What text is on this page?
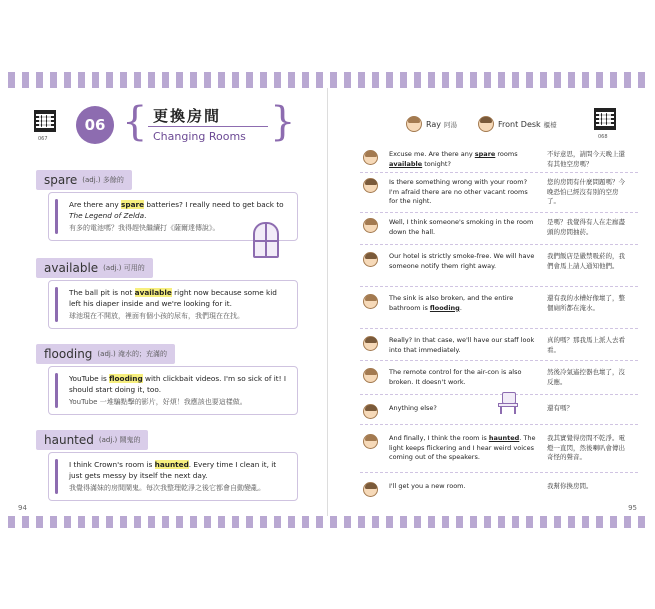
067
06 {	}
更換房間
Changing Rooms
spare (adj.) 多餘的
Are there any spare batteries? I really need to get back to The Legend of Zelda.
有多的電池嗎？我得趕快繼續打《薩爾達傳說》。
available (adj.) 可用的
The ball pit is not available right now because some kid left his diaper inside and we're looking for it.
球池現在不開放，裡面有個小孩的尿布，我們現在在找。
flooding (adj.) 淹水的；充滿的
YouTube is flooding with clickbait videos. I'm so sick of it! I should start doing it, too.
YouTube 一堆騙點擊的影片，好煩！我應該也要這樣做。
haunted (adj.) 鬧鬼的
I think Crown's room is haunted. Every time I clean it, it just gets messy by itself the next day.
我覺得滿妹的房間鬧鬼。每次我整理乾淨之後它都會自動變亂。
94
Ray 阿湯	Front Desk 櫃檯
068
Excuse me. Are there any spare rooms available tonight?
不好意思，請問今天晚上還有其他空房嗎？
Is there something wrong with your room? I'm afraid there are no other vacant rooms for the night.
您的房間有什麼問題嗎？今晚恐怕已經沒有別的空房了。
Well, I think someone's smoking in the room down the hall.
是嗎？我覺得有人在走廊盡頭的房間抽菸。
Our hotel is strictly smoke-free. We will have someone notify them right away.
我們飯店是嚴禁吸菸的，我們會馬上請人通知他們。
The sink is also broken, and the entire bathroom is flooding.
還有我的水槽好像壞了，整個廁所都在淹水。
Really? In that case, we'll have our staff look into that immediately.
真的嗎？那我馬上派人去看看。
The remote control for the air-con is also broken. It doesn't work.
然後冷氣遙控器也壞了，沒反應。
Anything else?	還有嗎？
And finally, I think the room is haunted. The light keeps flickering and I hear weird voices coming out of the speakers.
我其實覺得房間不乾淨。電燈一直閃，然後喇叭會傳出奇怪的聲音。
I'll get you a new room.	我幫你換房間。
95
